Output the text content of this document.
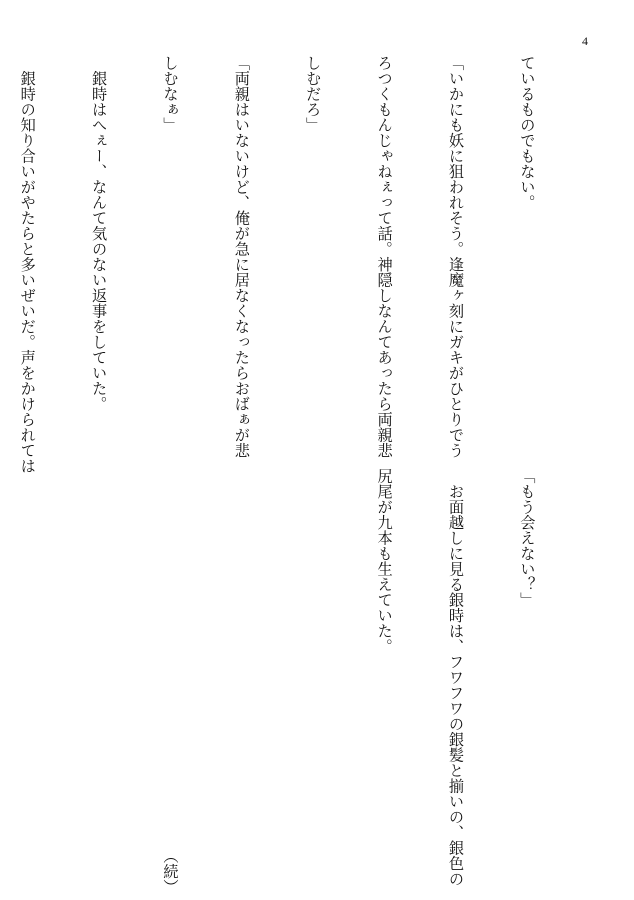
4

ているものでもない。

「いかにも妖に狙われそう。逢魔ヶ刻にガキがひとりでう

ろつくもんじゃねぇって話。神隠しなんてあったら両親悲

しむだろ」

「両親はいないけど、俺が急に居なくなったらおばぁが悲

しむなぁ」

　銀時はへぇー、なんて気のない返事をしていた。

　銀時の知り合いがやたらと多いぜいだ。声をかけられては

「もう会えない？」

　お面越しに見る銀時は、フワフワの銀髪と揃いの、銀色の

尻尾が九本も生えていた。

　　　　　　　　　　　　　　　　　　　　　　　　　（続）
